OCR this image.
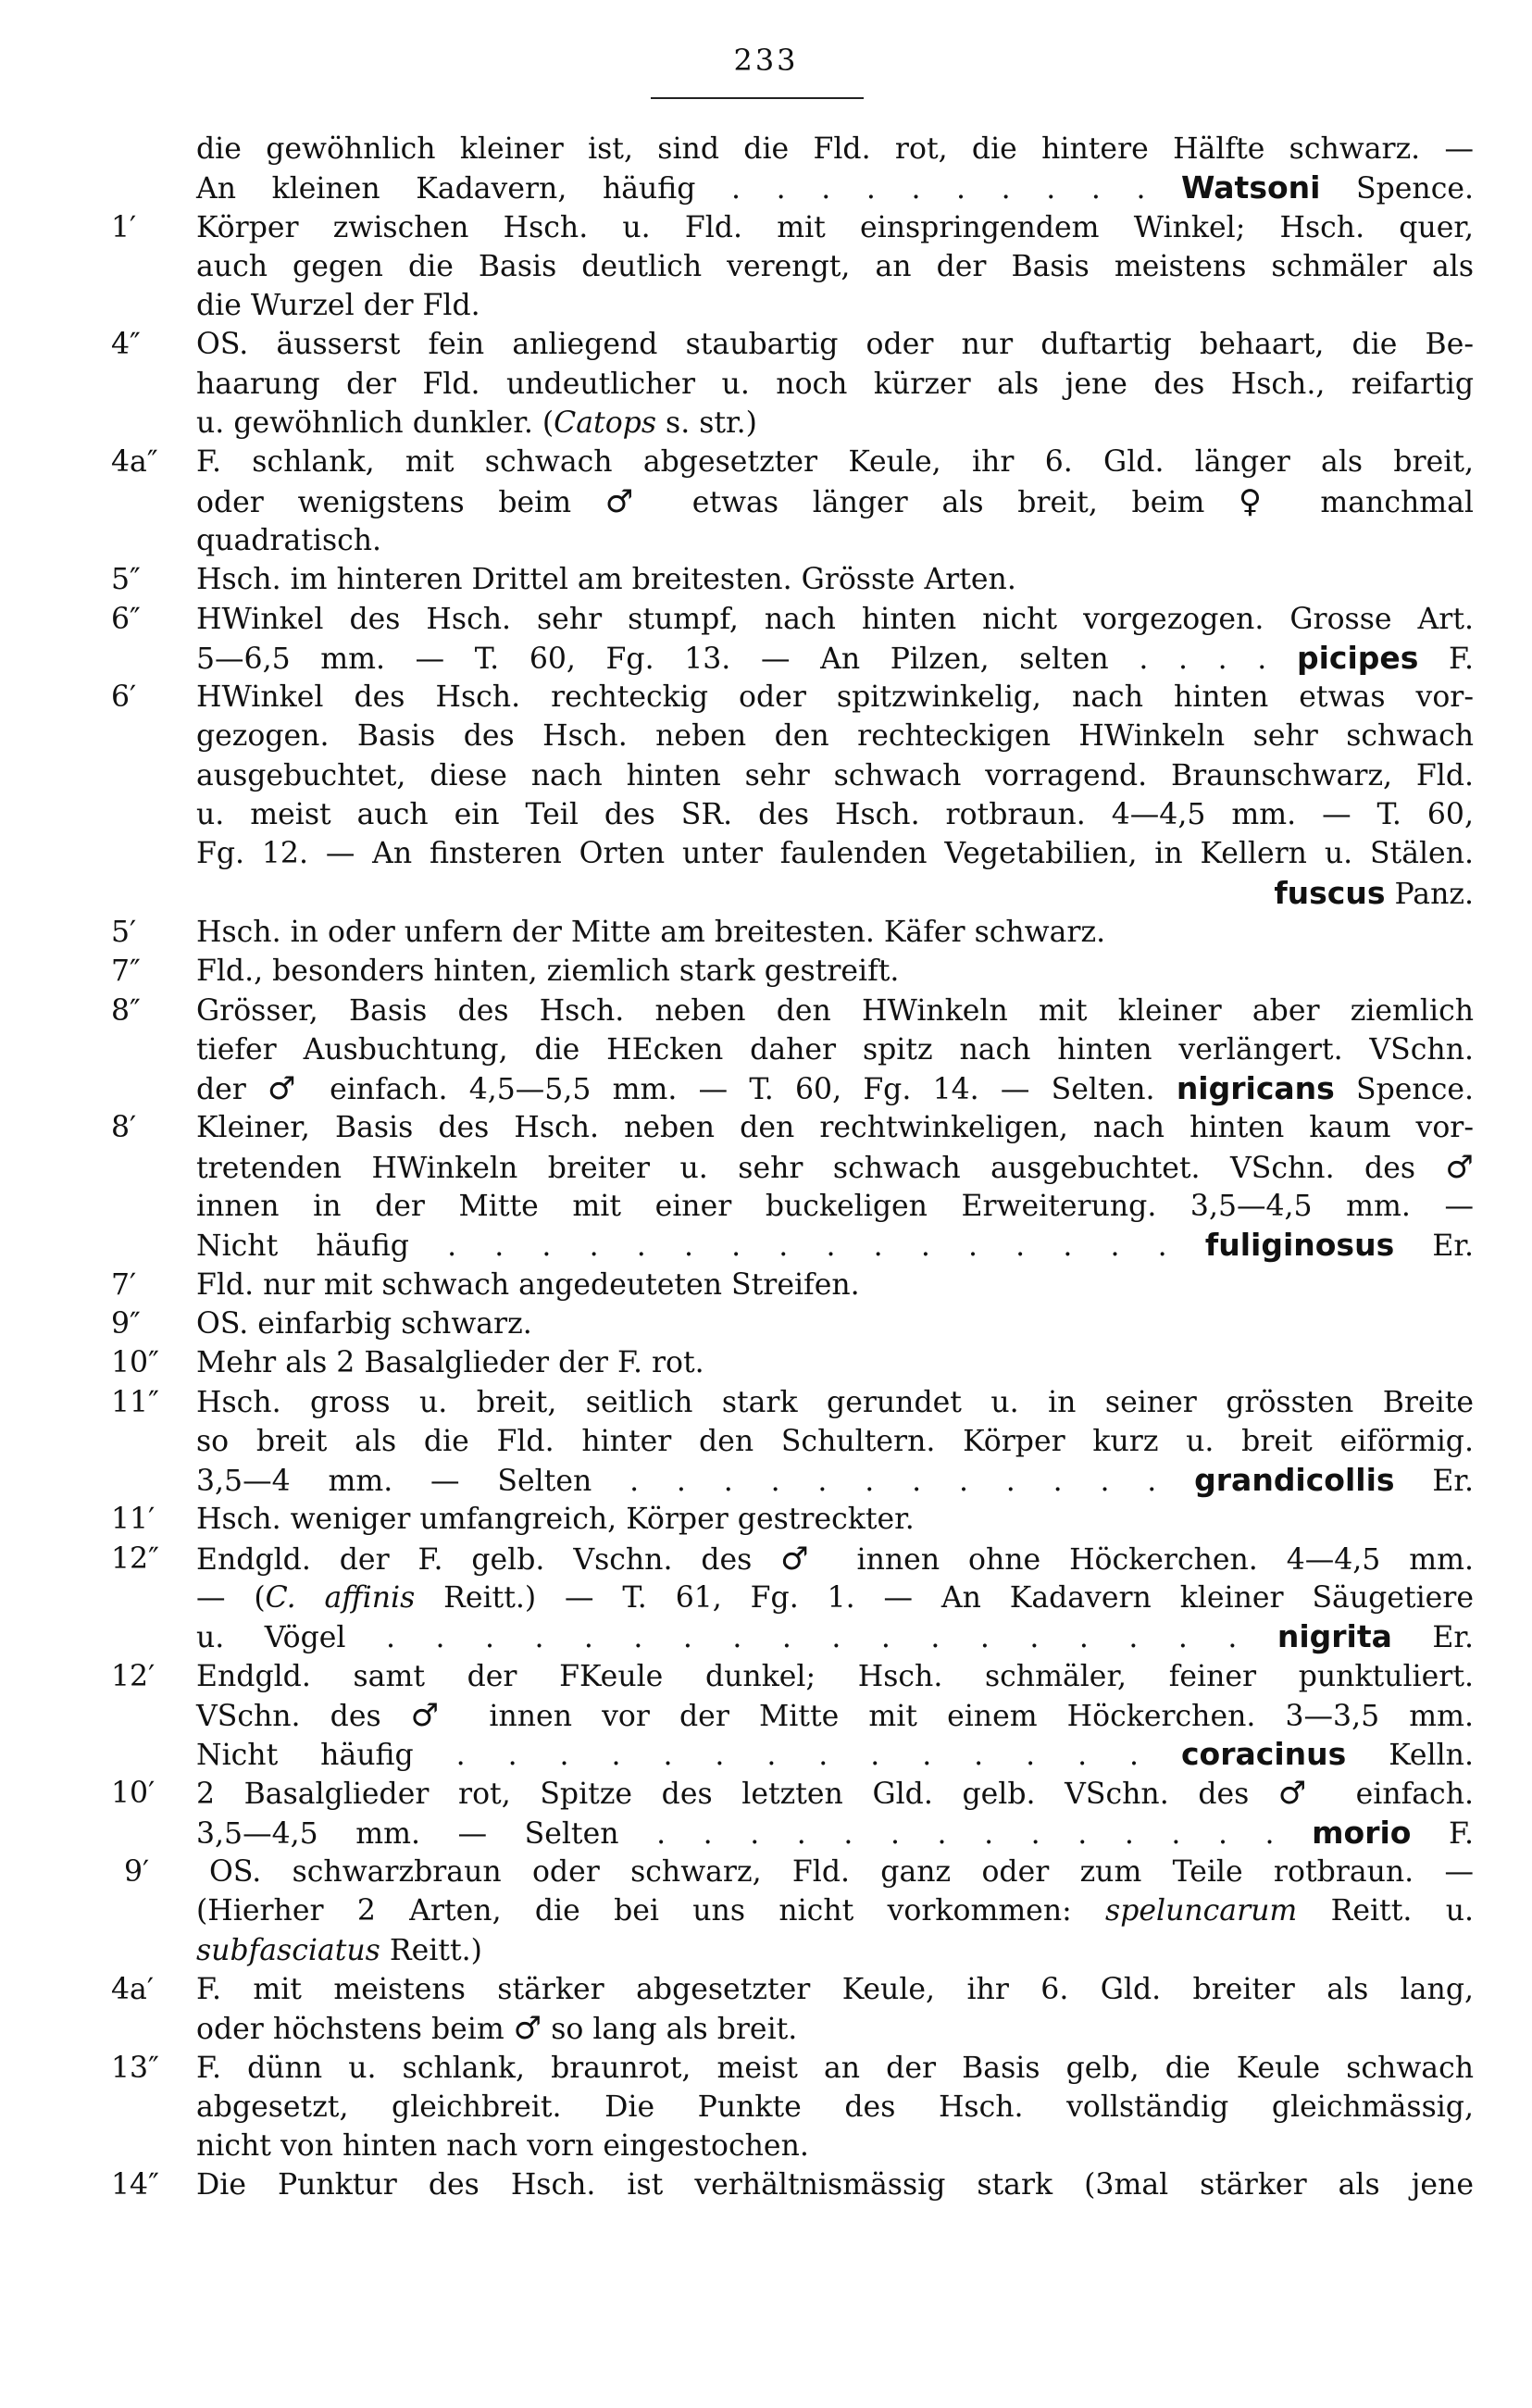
233
die gewöhnlich kleiner ist, sind die Fld. rot, die hintere Hälfte schwarz. —
An kleinen Kadavern, häufig . . . . . . . . . . Watsoni Spence.
1′ Körper zwischen Hsch. u. Fld. mit einspringendem Winkel; Hsch. quer,
auch gegen die Basis deutlich verengt, an der Basis meistens schmäler als
die Wurzel der Fld.
4″ OS. äusserst fein anliegend staubartig oder nur duftartig behaart, die Be-
haarung der Fld. undeutlicher u. noch kürzer als jene des Hsch., reifartig
u. gewöhnlich dunkler. (Catops s. str.)
4a″ F. schlank, mit schwach abgesetzter Keule, ihr 6. Gld. länger als breit,
oder wenigstens beim ♂ etwas länger als breit, beim ♀ manchmal
quadratisch.
5″ Hsch. im hinteren Drittel am breitesten. Grösste Arten.
6″ HWinkel des Hsch. sehr stumpf, nach hinten nicht vorgezogen. Grosse Art.
5—6,5 mm. — T. 60, Fg. 13. — An Pilzen, selten . . . . picipes F.
6′ HWinkel des Hsch. rechteckig oder spitzwinkelig, nach hinten etwas vor-
gezogen. Basis des Hsch. neben den rechteckigen HWinkeln sehr schwach
ausgebuchtet, diese nach hinten sehr schwach vorragend. Braunschwarz, Fld.
u. meist auch ein Teil des SR. des Hsch. rotbraun. 4—4,5 mm. — T. 60,
Fg. 12. — An finsteren Orten unter faulenden Vegetabilien, in Kellern u. Stälen.
fuscus Panz.
5′ Hsch. in oder unfern der Mitte am breitesten. Käfer schwarz.
7″ Fld., besonders hinten, ziemlich stark gestreift.
8″ Grösser, Basis des Hsch. neben den HWinkeln mit kleiner aber ziemlich
tiefer Ausbuchtung, die HEcken daher spitz nach hinten verlängert. VSchn.
der ♂ einfach. 4,5—5,5 mm. — T. 60, Fg. 14. — Selten. nigricans Spence.
8′ Kleiner, Basis des Hsch. neben den rechtwinkeligen, nach hinten kaum vor-
tretenden HWinkeln breiter u. sehr schwach ausgebuchtet. VSchn. des ♂
innen in der Mitte mit einer buckeligen Erweiterung. 3,5—4,5 mm. —
Nicht häufig . . . . . . . . . . . . . . . . fuliginosus Er.
7′ Fld. nur mit schwach angedeuteten Streifen.
9″ OS. einfarbig schwarz.
10″ Mehr als 2 Basalglieder der F. rot.
11″ Hsch. gross u. breit, seitlich stark gerundet u. in seiner grössten Breite
so breit als die Fld. hinter den Schultern. Körper kurz u. breit eiförmig.
3,5—4 mm. — Selten . . . . . . . . . . . . grandicollis Er.
11′ Hsch. weniger umfangreich, Körper gestreckter.
12″ Endgld. der F. gelb. Vschn. des ♂ innen ohne Höckerchen. 4—4,5 mm.
— (C. affinis Reitt.) — T. 61, Fg. 1. — An Kadavern kleiner Säugetiere
u. Vögel . . . . . . . . . . . . . . . . . . nigrita Er.
12′ Endgld. samt der FKeule dunkel; Hsch. schmäler, feiner punktuliert.
VSchn. des ♂ innen vor der Mitte mit einem Höckerchen. 3—3,5 mm.
Nicht häufig . . . . . . . . . . . . . . coracinus Kelln.
10′ 2 Basalglieder rot, Spitze des letzten Gld. gelb. VSchn. des ♂ einfach.
3,5—4,5 mm. — Selten . . . . . . . . . . . . . . morio F.
9′ OS. schwarzbraun oder schwarz, Fld. ganz oder zum Teile rotbraun. —
(Hierher 2 Arten, die bei uns nicht vorkommen: speluncarum Reitt. u.
subfasciatus Reitt.)
4a′ F. mit meistens stärker abgesetzter Keule, ihr 6. Gld. breiter als lang,
oder höchstens beim ♂ so lang als breit.
13″ F. dünn u. schlank, braunrot, meist an der Basis gelb, die Keule schwach
abgesetzt, gleichbreit. Die Punkte des Hsch. vollständig gleichmässig,
nicht von hinten nach vorn eingestochen.
14″ Die Punktur des Hsch. ist verhältnismässig stark (3mal stärker als jene
